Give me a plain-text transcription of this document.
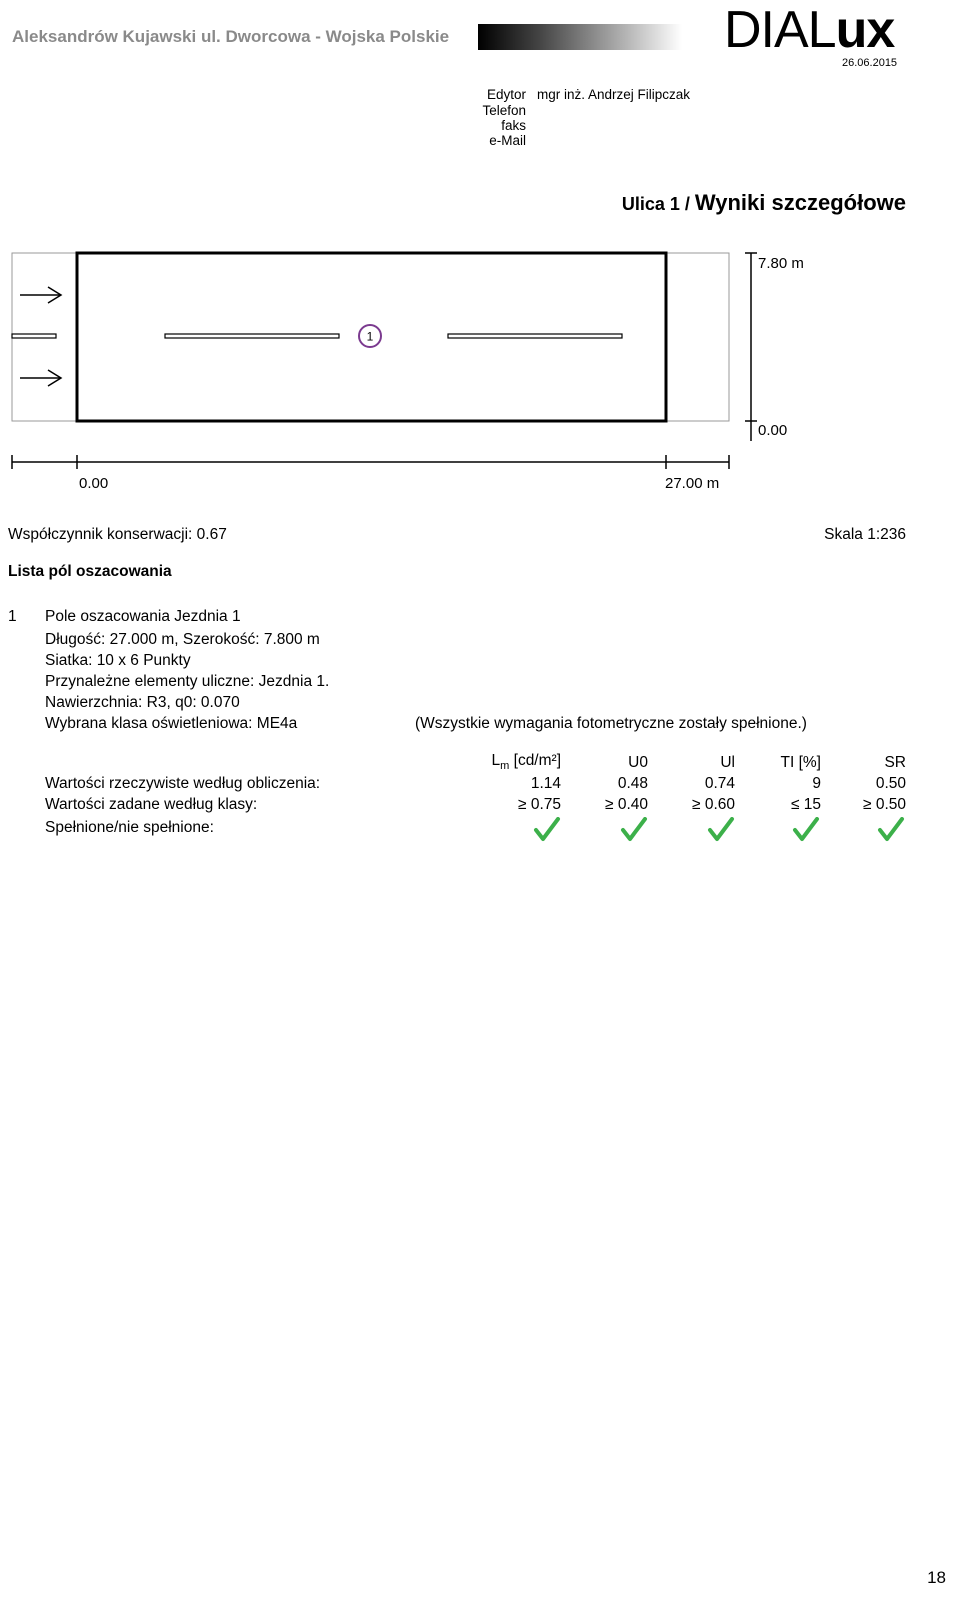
Aleksandrów Kujawski ul. Dworcowa - Wojska Polskie	DIALux
26.06.2015
Edytor mgr inż. Andrzej Filipczak
Telefon
faks
e-Mail
Ulica 1 / Wyniki szczegółowe
1
7.80 m
0.00
0.00	27.00 m
Współczynnik konserwacji: 0.67	Skala 1:236
Lista pól oszacowania
1 Pole oszacowania Jezdnia 1
Długość: 27.000 m, Szerokość: 7.800 m
Siatka: 10 x 6 Punkty
Przynależne elementy uliczne: Jezdnia 1.
Nawierzchnia: R3, q0: 0.070
Wybrana klasa oświetleniowa: ME4a	(Wszystkie wymagania fotometryczne zostały spełnione.)
$L_m$ [cd/m²]	U0	Ul	TI [%]	SR
Wartości rzeczywiste według obliczenia:	1.14	0.48	0.74	9	0.50
Wartości zadane według klasy:	≥ 0.75	≥ 0.40	≥ 0.60	≤ 15	≥ 0.50
Spełnione/nie spełnione:
18
